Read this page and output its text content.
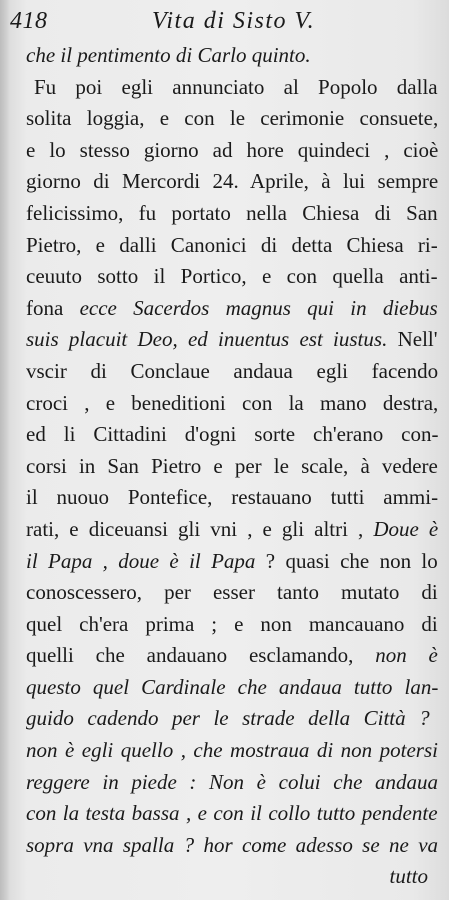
418	Vita di Sisto V.
che il pentimento di Carlo quinto.
Fu poi egli annunciato al Popolo dalla
solita loggia, e con le cerimonie consuete,
e lo stesso giorno ad hore quindeci , cioè
giorno di Mercordi 24. Aprile, à lui sempre
felicissimo, fu portato nella Chiesa di San
Pietro, e dalli Canonici di detta Chiesa ri-
ceuuto sotto il Portico, e con quella anti-
fona ecce Sacerdos magnus qui in diebus
suis placuit Deo, ed inuentus est iustus. Nell'
vscir di Conclaue andaua egli facendo
croci , e beneditioni con la mano destra,
ed li Cittadini d'ogni sorte ch'erano con-
corsi in San Pietro e per le scale, à vedere
il nuouo Pontefice, restauano tutti ammi-
rati, e diceuansi gli vni , e gli altri , Doue è
il Papa , doue è il Papa ? quasi che non lo
conoscessero, per esser tanto mutato di
quel ch'era prima ; e non mancauano di
quelli che andauano esclamando, non è
questo quel Cardinale che andaua tutto lan-
guido cadendo per le strade della Città ?
non è egli quello , che mostraua di non potersi
reggere in piede : Non è colui che andaua
con la testa bassa , e con il collo tutto pendente
sopra vna spalla ? hor come adesso se ne va
tutto
